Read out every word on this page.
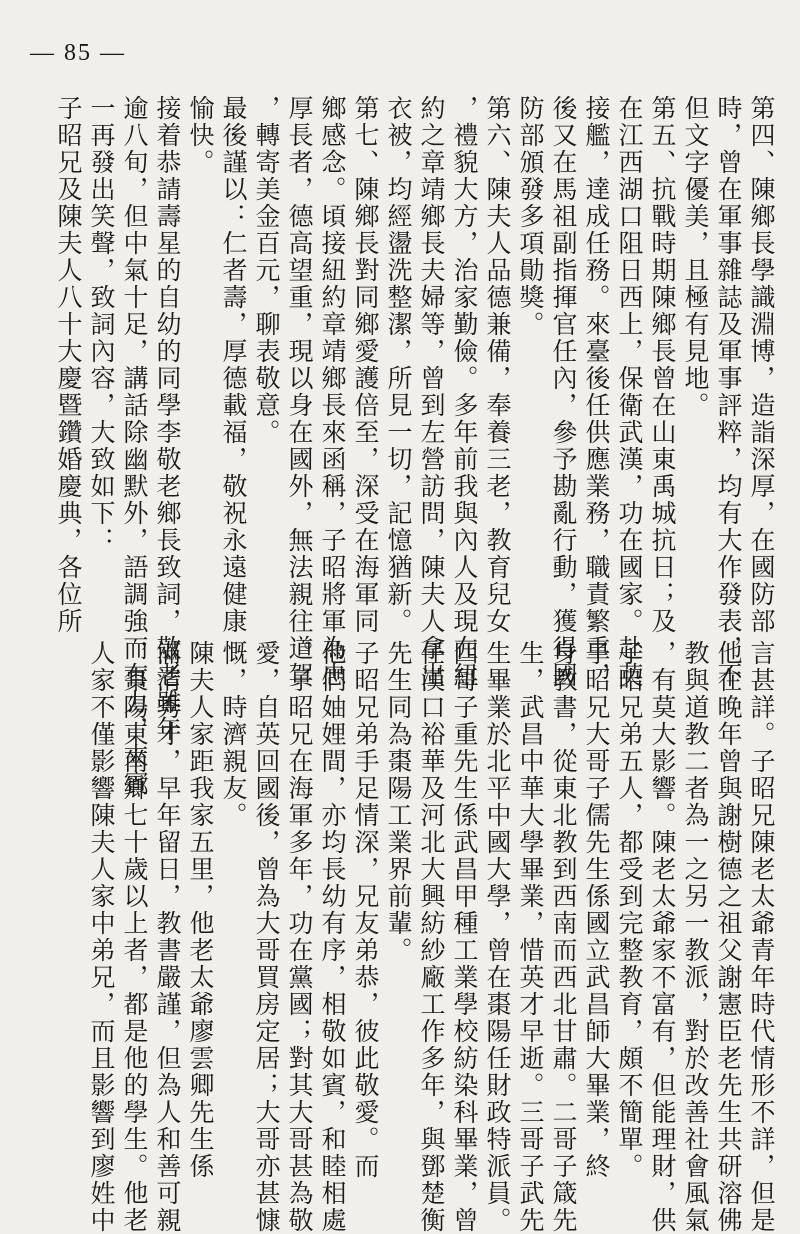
— 85 —
第四、陳鄉長學識淵博，造詣深厚，在國防部
時，曾在軍事雜誌及軍事評粹，均有大作發表，不
但文字優美，且極有見地。
第五、抗戰時期陳鄉長曾在山東禹城抗日；及
在江西湖口阻日西上，保衛武漢，功在國家。赴英
接艦，達成任務。來臺後任供應業務，職責繁重，
後又在馬祖副指揮官任內，參予勘亂行動，獲得國
防部頒發多項勛獎。
第六、陳夫人品德兼備，奉養三老，教育兒女
，禮貌大方，治家勤儉。多年前我與內人及現在紐
約之章靖鄉長夫婦等，曾到左營訪問，陳夫人拿出
衣被，均經盪洗整潔，所見一切，記憶猶新。
第七、陳鄉長對同鄉愛護倍至，深受在海軍同
鄉感念。頃接紐約章靖鄉長來函稱，子昭將軍為忠
厚長者，德高望重，現以身在國外，無法親往道賀
，轉寄美金百元，聊表敬意。
最後謹以：仁者壽，厚德載福，敬祝永遠健康
愉快。
接着恭請壽星的自幼的同學李敬老鄉長致詞，敬老雖年
逾八旬，但中氣十足，講話除幽默外，語調強而有力，來賓
一再發出笑聲，致詞內容，大致如下：
子昭兄及陳夫人八十大慶暨鑽婚慶典，各位所
言甚詳。子昭兄陳老太爺青年時代情形不詳，但是
他在晚年曾與謝樹德之祖父謝憲臣老先生共研溶佛
教與道教二者為一之另一教派，對於改善社會風氣
，有莫大影響。陳老太爺家不富有，但能理財，供
子昭兄弟五人，都受到完整教育，頗不簡單。
子昭兄大哥子儒先生係國立武昌師大畢業，終
身教書，從東北教到西南而西北甘肅。二哥子箴先
生，武昌中華大學畢業，惜英才早逝。三哥子武先
生畢業於北平中國大學，曾在棗陽任財政特派員。
四哥子重先生係武昌甲種工業學校紡染科畢業，曾
任漢口裕華及河北大興紡紗廠工作多年，與鄧楚衡
先生同為棗陽工業界前輩。
子昭兄弟手足情深，兄友弟恭，彼此敬愛。而
他們妯娌間，亦均長幼有序，相敬如賓，和睦相處
。子昭兄在海軍多年，功在黨國；對其大哥甚為敬
愛，自英回國後，曾為大哥買房定居；大哥亦甚慷
慨，時濟親友。
陳夫人家距我家五里，他老太爺廖雲卿先生係
滿清秀才，早年留日，教書嚴謹，但為人和善可親
，棗陽東南鄉七十歲以上者，都是他的學生。他老
人家不僅影響陳夫人家中弟兄，而且影響到廖姓中
